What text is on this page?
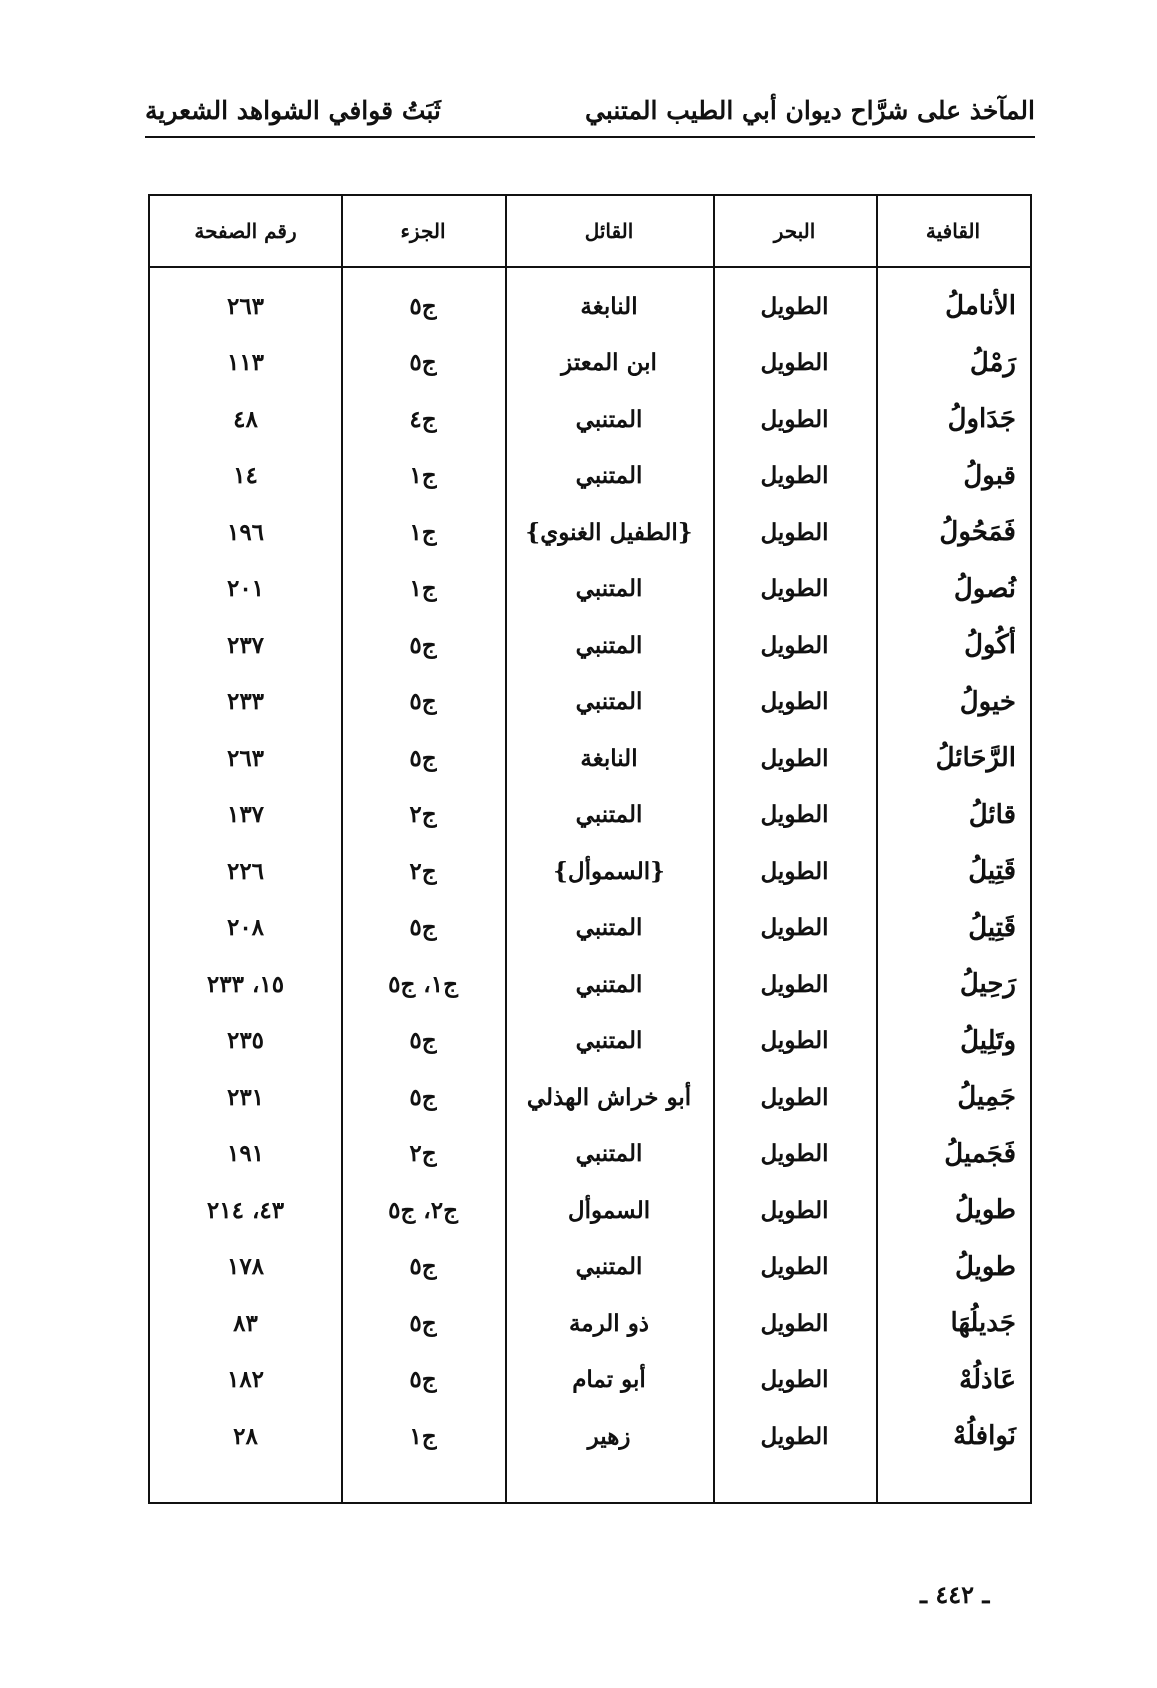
المآخذ على شرَّاح ديوان أبي الطيب المتنبي
ثَبَتُ قوافي الشواهد الشعرية
القافية
البحر
القائل
الجزء
رقم الصفحة
الأناملُ
الطويل
النابغة
ج٥
٢٦٣
رَمْلُ
الطويل
ابن المعتز
ج٥
١١٣
جَدَاولُ
الطويل
المتنبي
ج٤
٤٨
قبولُ
الطويل
المتنبي
ج١
١٤
فَمَحُولُ
الطويل
{الطفيل الغنوي}
ج١
١٩٦
نُصولُ
الطويل
المتنبي
ج١
٢٠١
أكُولُ
الطويل
المتنبي
ج٥
٢٣٧
خيولُ
الطويل
المتنبي
ج٥
٢٣٣
الرَّحَائلُ
الطويل
النابغة
ج٥
٢٦٣
قائلُ
الطويل
المتنبي
ج٢
١٣٧
قَتِيلُ
الطويل
{السموأل}
ج٢
٢٢٦
قَتِيلُ
الطويل
المتنبي
ج٥
٢٠٨
رَحِيلُ
الطويل
المتنبي
ج١، ج٥
١٥، ٢٣٣
وتَلِيلُ
الطويل
المتنبي
ج٥
٢٣٥
جَمِيلُ
الطويل
أبو خراش الهذلي
ج٥
٢٣١
فَجَميلُ
الطويل
المتنبي
ج٢
١٩١
طويلُ
الطويل
السموأل
ج٢، ج٥
٤٣، ٢١٤
طويلُ
الطويل
المتنبي
ج٥
١٧٨
جَديلُهَا
الطويل
ذو الرمة
ج٥
٨٣
عَاذلُهْ
الطويل
أبو تمام
ج٥
١٨٢
نَوافلُهْ
الطويل
زهير
ج١
٢٨
ـ ٤٤٢ ـ
